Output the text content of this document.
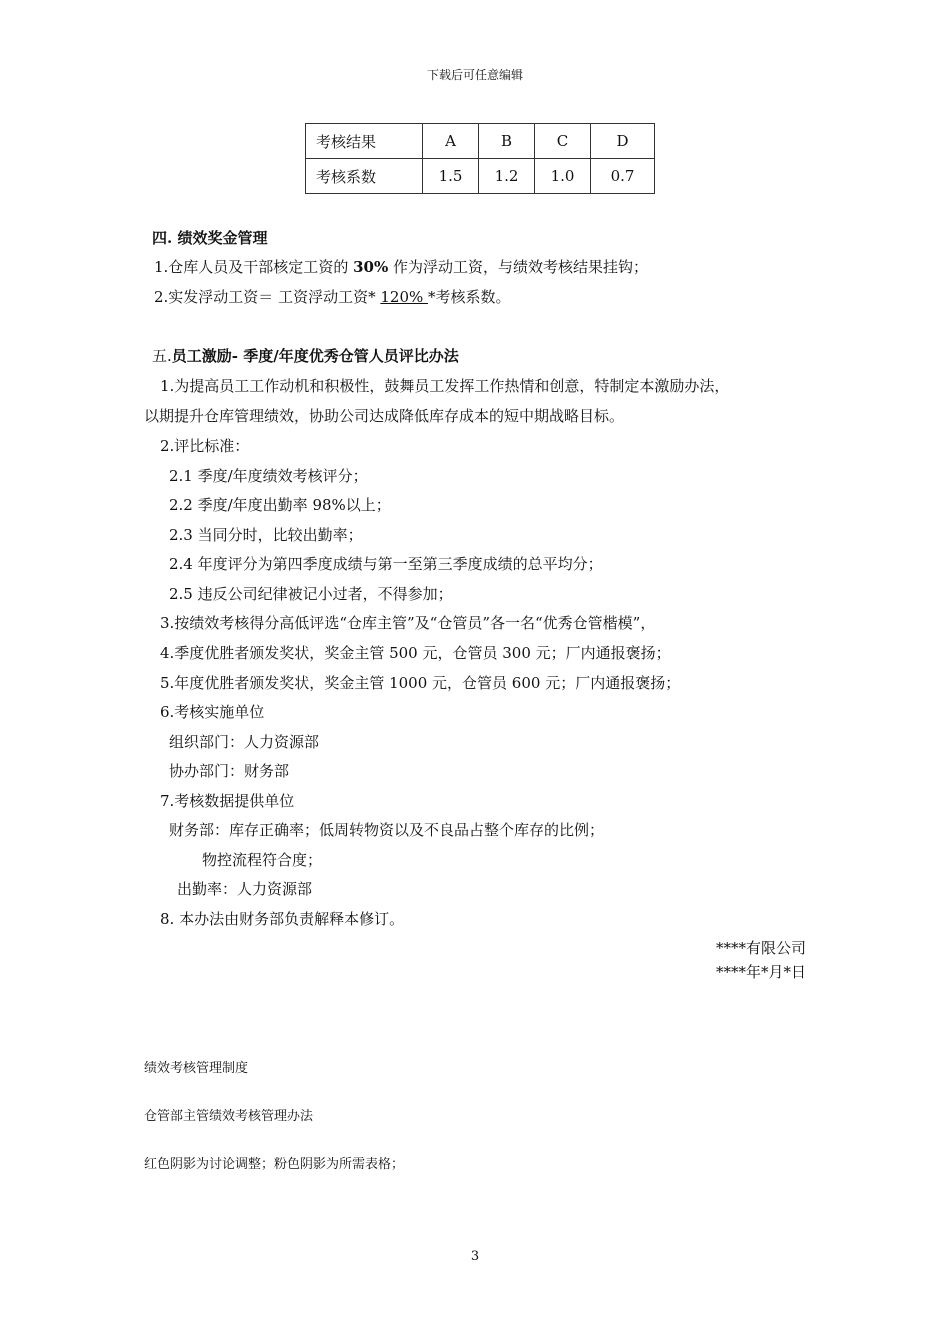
下载后可任意编辑
考核结果	A	B	C	D
考核系数	1.5	1.2	1.0	0.7
四. 绩效奖金管理
1.仓库人员及干部核定工资的 30% 作为浮动工资，与绩效考核结果挂钩；
2.实发浮动工资＝ 工资浮动工资* 120% *考核系数。
五.员工激励- 季度/年度优秀仓管人员评比办法
1.为提高员工工作动机和积极性，鼓舞员工发挥工作热情和创意，特制定本激励办法，
以期提升仓库管理绩效，协助公司达成降低库存成本的短中期战略目标。
2.评比标准：
2.1 季度/年度绩效考核评分；
2.2 季度/年度出勤率 98%以上；
2.3 当同分时，比较出勤率；
2.4 年度评分为第四季度成绩与第一至第三季度成绩的总平均分；
2.5 违反公司纪律被记小过者，不得参加；
3.按绩效考核得分高低评选“仓库主管”及“仓管员”各一名“优秀仓管楷模”，
4.季度优胜者颁发奖状，奖金主管 500 元，仓管员 300 元；厂内通报褒扬；
5.年度优胜者颁发奖状，奖金主管 1000 元，仓管员 600 元；厂内通报褒扬；
6.考核实施单位
组织部门：人力资源部
协办部门：财务部
7.考核数据提供单位
财务部：库存正确率；低周转物资以及不良品占整个库存的比例；
物控流程符合度；
出勤率：人力资源部
8. 本办法由财务部负责解释本修订。
****有限公司
****年*月*日
绩效考核管理制度
仓管部主管绩效考核管理办法
红色阴影为讨论调整；粉色阴影为所需表格；
3
